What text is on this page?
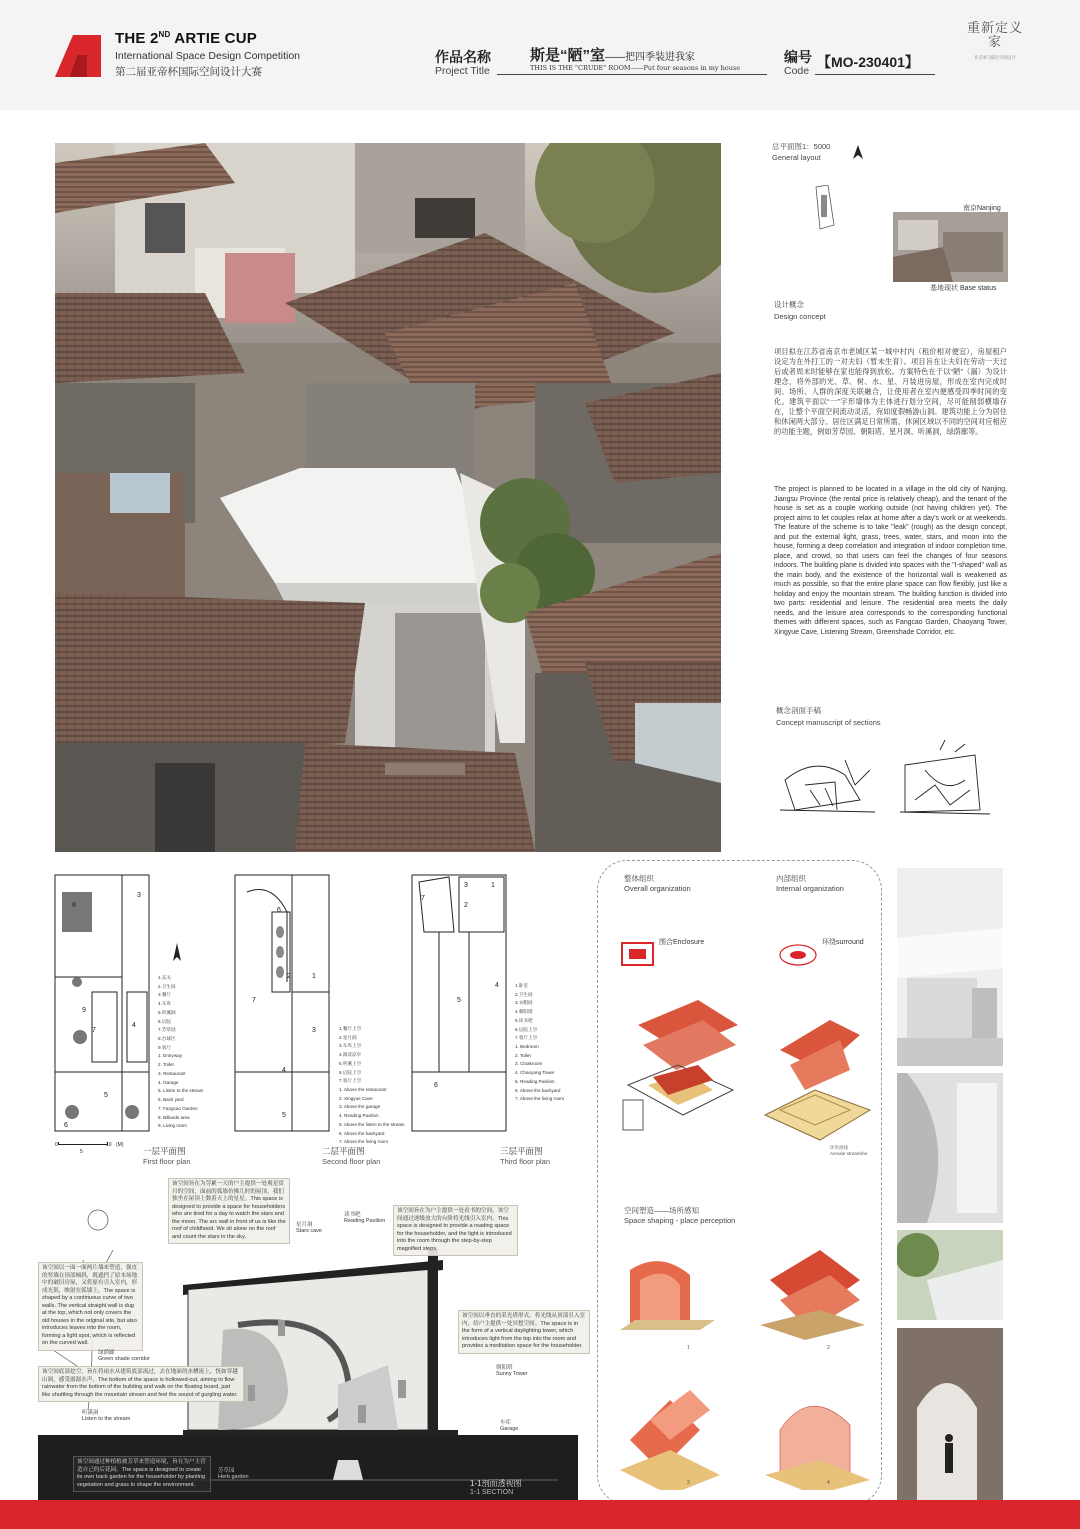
THE 2ND ARTIE CUP
International Space Design Competition
第二届亚帝杯国际空间设计大赛
作品名称
Project Title
斯是“陋”室——把四季装进我家
THIS IS THE "CRUDE" ROOM——Put four seasons in my house
编号
Code
【MO-230401】
重新定义家
亚帝杯 国际空间设计
总平面图1：5000
General layout
南京Nanjing
基地现状 Base status
设计概念
Design concept
项目拟在江苏省南京市老城区某一城中村内（租价相对便宜），房屋租户设定为在外打工的一对夫妇（暂未生育）。项目旨在让夫妇在劳动一天过后或者周末时能够在家也能得到放松。方案特色在于以“陋”（漏）为设计理念，将外部的光、草、树、水、星、月装进房屋，形成在室内完成时间、场所、人群的深度关联融合，让使用者在室内便感受四季时间的变化。建筑平面以“一”字形墙体为主体进行划分空间，尽可能削弱横墙存在，让整个平面空间流动灵活，宛如度假畅游山洞。建筑功能上分为居住和休闲两大部分。居住区满足日常所需，休闲区域以不同的空间对应相应的功能主题，例如芳草园、朝阳塔、星月洞、听溪洞，绿荫廊等。
The project is planned to be located in a village in the old city of Nanjing, Jiangsu Province (the rental price is relatively cheap), and the tenant of the house is set as a couple working outside (not having children yet). The project aims to let couples relax at home after a day's work or at weekends. The feature of the scheme is to take "leak" (rough) as the design concept, and put the external light, grass, trees, water, stars, and moon into the house, forming a deep correlation and integration of indoor completion time, place, and crowd, so that users can feel the changes of four seasons indoors. The building plane is divided into spaces with the "I-shaped" wall as the main body, and the existence of the horizontal wall is weakened as much as possible, so that the entire plane space can flow flexibly, just like a holiday and enjoy the mountain stream. The building function is divided into two parts: residential and leisure. The residential area meets the daily needs, and the leisure area corresponds to the corresponding functional themes with different spaces, such as Fangcao Garden, Chaoyang Tower, Xingyue Cave, Listening Stream, Greenshade Corridor, etc.
概念剖面手稿
Concept manuscript of sections
8
9
7
4
5
6
3
1.玄关
2.卫生间
3.餐厅
4.车库
5.听溪洞
6.后院
7.芳草园
8.台球区
9.客厅
1. Entryway
2. Toilet
3. Restaurant
4. Garage
5. Listen to the stream
6. Back yard
7. Fangcao Garden
8. Billiards area
9. Living room
0
5
10 (M)
一层平面图
First floor plan
6
2	1
3
7
4
5
1.餐厅上空
2.星月洞
3.车库上空
4.阅读凉亭
5.听溪上空
6.后院上空
7.客厅上空
1. Above the restaurant
2. Xingyue Cave
3. Above the garage
4. Reading Pavilion
5. Above the listen to the stream
6. Above the backyard
7. Above the living room
二层平面图
Second floor plan
7
3	1
2
5
4
6
1.卧室
2.卫生间
3.衣帽间
4.朝阳塔
5.读书吧
6.后院上空
7.客厅上空
1. Bedroom
2. Toilet
3. Cloakroom
4. Chaoyang Tower
5. Reading Pavilion
6. Above the backyard
7. Above the living room
三层平面图
Third floor plan
该空间旨在为劳累一天的户主提供一处观星赏月的空间，面前的弧墙仿佛儿时的屋顶，我们独坐在屋顶上数着天上的星星。This space is designed to provide a space for householders who are tired for a day to watch the stars and the moon. The arc wall in front of us is like the roof of childhood. We sit alone on the roof and count the stars in the sky.
该空间旨在为户主提供一处看书的空间，该空间通过逐级放大的台阶将光线引入室内。This space is designed to provide a reading space for the householder, and the light is introduced into the room through the step-by-step magnified steps.
该空间以一面一面两片墙来塑造，强直的竖墙在顶部倾斜，既遮挡了原本场地中的破旧房屋，又将原有引入室内，形成光影，映射在弧墙上。The space is shaped by a continuous curve of two walls. The vertical straight wall is dug at the top, which not only covers the old houses in the original site, but also introduces leaves into the room, forming a light spot, which is reflected on the curved wall.
该空间以垂直的采光塔形式，将光线从顶部引入室内，给户主提供一处冥想空间。The space is in the form of a vertical daylighting tower, which introduces light from the top into the room and provides a meditation space for the householder.
该空间底部挖空，旨在将雨水从建筑底部流过，去在地面的水槽流上，恍如穿越山涧，感受潺潺水声。The bottom of the space is hollowed-out, aiming to flow rainwater from the bottom of the building and walk on the floating board, just like shuttling through the mountain stream and feel the sound of gurgling water.
该空间通过种植植被芳草来塑造环境，旨在为户主营造自己的后花园。The space is designed to create its own back garden for the householder by planting vegetation and grass to shape the environment.
星月洞
Stars cave
读书吧
Reading Pavilion
绿荫廊
Green shade corridor
朝阳塔
Sunny Tower
听溪洞
Listen to the stream
车库
Garage
芳草园
Herb garden
1-1剖面透视图
1-1 SECTION
整体组织
Overall organization
内部组织
Internal organization
围合Enclosure	环绕surround
环形流线
Annular streamline
空间塑造——场所感知
Space shaping - place perception
1	2
3	4
